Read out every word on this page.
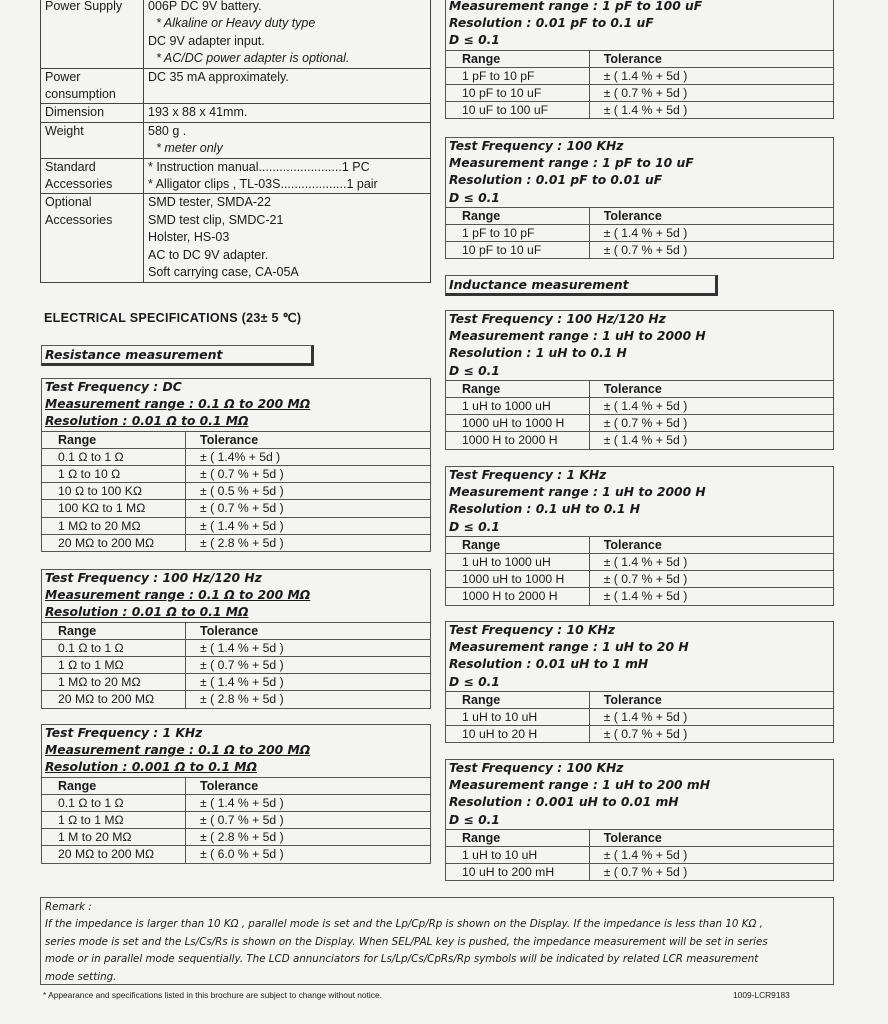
Power Supply	006P DC 9V battery.
* Alkaline or Heavy duty type
DC 9V adapter input.
* AC/DC power adapter is optional.

Power consumption	DC 35 mA approximately.

Dimension	193 x 88 x 41mm.

Weight	580 g .
* meter only

Standard Accessories	* Instruction manual........................1 PC
* Alligator clips , TL-03S...................1 pair

Optional Accessories	SMD tester, SMDA-22
SMD test clip, SMDC-21
Holster, HS-03
AC to DC 9V adapter.
Soft carrying case, CA-05A
ELECTRICAL SPECIFICATIONS (23± 5 ℃)
Resistance measurement
Inductance measurement
Test Frequency : DC
Measurement range : 0.1 Ω to 200 MΩ
Resolution : 0.01 Ω to 0.1 MΩ
Range	Tolerance
0.1 Ω to 1 Ω	± ( 1.4% + 5d )
1 Ω to 10 Ω	± ( 0.7 % + 5d )
10 Ω to 100 KΩ	± ( 0.5 % + 5d )
100 KΩ to 1 MΩ	± ( 0.7 % + 5d )
1 MΩ to 20 MΩ	± ( 1.4 % + 5d )
20 MΩ to 200 MΩ	± ( 2.8 % + 5d )
Test Frequency : 100 Hz/120 Hz
Measurement range : 0.1 Ω to 200 MΩ
Resolution : 0.01 Ω to 0.1 MΩ
Range	Tolerance
0.1 Ω to 1 Ω	± ( 1.4 % + 5d )
1 Ω to 1 MΩ	± ( 0.7 % + 5d )
1 MΩ to 20 MΩ	± ( 1.4 % + 5d )
20 MΩ to 200 MΩ	± ( 2.8 % + 5d )
Test Frequency : 1 KHz
Measurement range : 0.1 Ω to 200 MΩ
Resolution : 0.001 Ω to 0.1 MΩ
Range	Tolerance
0.1 Ω to 1 Ω	± ( 1.4 % + 5d )
1 Ω to 1 MΩ	± ( 0.7 % + 5d )
1 M to 20 MΩ	± ( 2.8 % + 5d )
20 MΩ to 200 MΩ	± ( 6.0 % + 5d )
Measurement range : 1 pF to 100 uF
Resolution : 0.01 pF to 0.1 uF
D ≤ 0.1
Range	Tolerance
1 pF to 10 pF	± ( 1.4 % + 5d )
10 pF to 10 uF	± ( 0.7 % + 5d )
10 uF to 100 uF	± ( 1.4 % + 5d )
Test Frequency : 100 KHz
Measurement range : 1 pF to 10 uF
Resolution : 0.01 pF to 0.01 uF
D ≤ 0.1
Range	Tolerance
1 pF to 10 pF	± ( 1.4 % + 5d )
10 pF to 10 uF	± ( 0.7 % + 5d )
Test Frequency : 100 Hz/120 Hz
Measurement range : 1 uH to 2000 H
Resolution : 1 uH to 0.1 H
D ≤ 0.1
Range	Tolerance
1 uH to 1000 uH	± ( 1.4 % + 5d )
1000 uH to 1000 H	± ( 0.7 % + 5d )
1000 H to 2000 H	± ( 1.4 % + 5d )
Test Frequency : 1 KHz
Measurement range : 1 uH to 2000 H
Resolution : 0.1 uH to 0.1 H
D ≤ 0.1
Range	Tolerance
1 uH to 1000 uH	± ( 1.4 % + 5d )
1000 uH to 1000 H	± ( 0.7 % + 5d )
1000 H to 2000 H	± ( 1.4 % + 5d )
Test Frequency : 10 KHz
Measurement range : 1 uH to 20 H
Resolution : 0.01 uH to 1 mH
D ≤ 0.1
Range	Tolerance
1 uH to 10 uH	± ( 1.4 % + 5d )
10 uH to 20 H	± ( 0.7 % + 5d )
Test Frequency : 100 KHz
Measurement range : 1 uH to 200 mH
Resolution : 0.001 uH to 0.01 mH
D ≤ 0.1
Range	Tolerance
1 uH to 10 uH	± ( 1.4 % + 5d )
10 uH to 200 mH	± ( 0.7 % + 5d )
Remark :
If the impedance is larger than 10 KΩ , parallel mode is set and the Lp/Cp/Rp is shown on the Display. If the impedance is less than 10 KΩ ,
series mode is set and the Ls/Cs/Rs is shown on the Display. When SEL/PAL key is pushed, the impedance measurement will be set in series
mode or in parallel mode sequentially. The LCD annunciators for Ls/Lp/Cs/CpRs/Rp symbols will be indicated by related LCR measurement
mode setting.
* Appearance and specifications listed in this brochure are subject to change without notice.	1009-LCR9183
